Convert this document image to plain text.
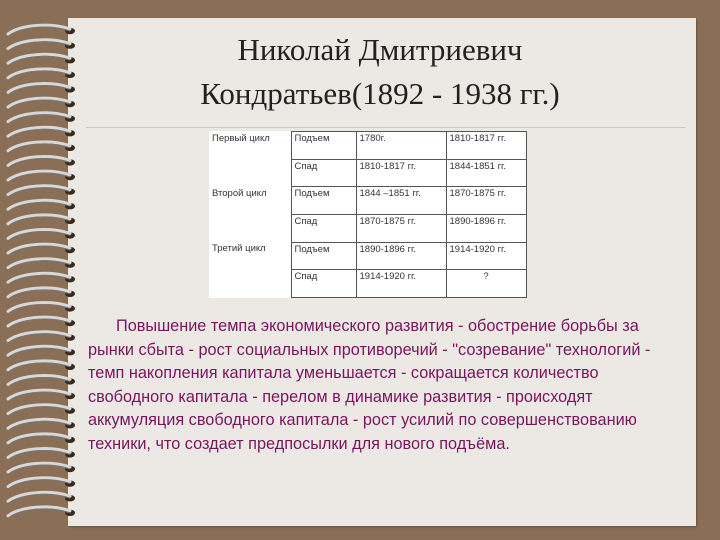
Николай Дмитриевич
Кондратьев(1892 - 1938 гг.)
Первый цикл	Подъем	1780г.	1810-1817 гг.
	Спад	1810-1817 гг.	1844-1851 гг.
Второй цикл	Подъем	1844 –1851 гг.	1870-1875 гг.
	Спад	1870-1875 гг.	1890-1896 гг.
Третий цикл	Подъем	1890-1896 гг.	1914-1920 гг.
	Спад	1914-1920 гг.	?
Повышение темпа экономического развития - обострение борьбы за рынки сбыта - рост социальных противоречий - "созревание" технологий - темп накопления капитала уменьшается - сокращается количество свободного капитала - перелом в динамике развития - происходят аккумуляция свободного капитала - рост усилий по совершенствованию техники, что создает предпосылки для нового подъёма.
